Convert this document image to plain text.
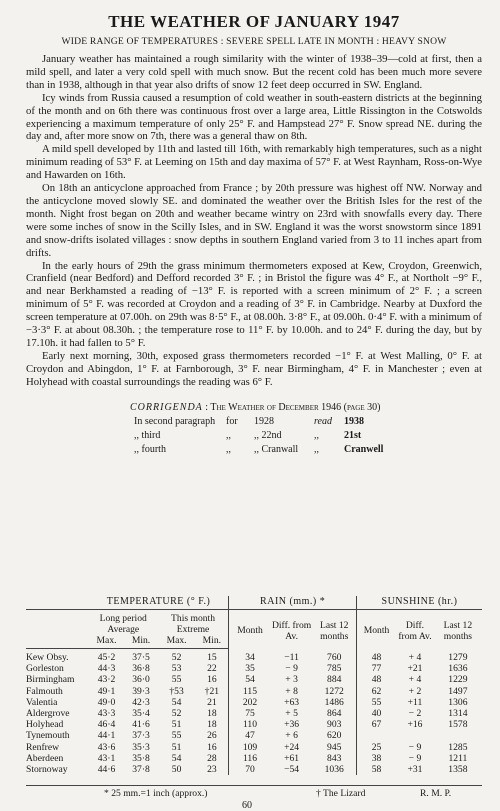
THE WEATHER OF JANUARY 1947
WIDE RANGE OF TEMPERATURES : SEVERE SPELL LATE IN MONTH : HEAVY SNOW

January weather has maintained a rough similarity with the winter of 1938–39—cold at first, then a mild spell, and later a very cold spell with much snow. But the recent cold has been much more severe than in 1938, although in that year also drifts of snow 12 feet deep occurred in SW. England.

Icy winds from Russia caused a resumption of cold weather in south-eastern districts at the beginning of the month and on 6th there was continuous frost over a large area, Little Rissington in the Cotswolds experiencing a maximum temperature of only 25° F. and Hampstead 27° F. Snow spread NE. during the day and, after more snow on 7th, there was a general thaw on 8th.

A mild spell developed by 11th and lasted till 16th, with remarkably high temperatures, such as a night minimum reading of 53° F. at Leeming on 15th and day maxima of 57° F. at West Raynham, Ross-on-Wye and Hawarden on 16th.

On 18th an anticyclone approached from France ; by 20th pressure was highest off NW. Norway and the anticyclone moved slowly SE. and dominated the weather over the British Isles for the rest of the month. Night frost began on 20th and weather became wintry on 23rd with snowfalls every day. There were some inches of snow in the Scilly Isles, and in SW. England it was the worst snowstorm since 1891 and snow-drifts isolated villages : snow depths in southern England varied from 3 to 11 inches apart from drifts.

In the early hours of 29th the grass minimum thermometers exposed at Kew, Croydon, Greenwich, Cranfield (near Bedford) and Defford recorded 3° F. ; in Bristol the figure was 4° F., at Northolt −9° F., and near Berkhamsted a reading of −13° F. is reported with a screen minimum of 2° F. ; a screen minimum of 5° F. was recorded at Croydon and a reading of 3° F. in Cambridge. Nearby at Duxford the screen temperature at 07.00h. on 29th was 8·5° F., at 08.00h. 3·8° F., at 09.00h. 0·4° F. with a minimum of −3·3° F. at about 08.30h. ; the temperature rose to 11° F. by 10.00h. and to 24° F. during the day, but by 17.10h. it had fallen to 5° F.

Early next morning, 30th, exposed grass thermometers recorded −1° F. at West Malling, 0° F. at Croydon and Abingdon, 1° F. at Farnborough, 3° F. near Birmingham, 4° F. in Manchester ; even at Holyhead with coastal surroundings the reading was 6° F.

CORRIGENDA : The Weather of December 1946 (page 30)
In second paragraph	for	1928	read	1938
,, third	,,	,, 22nd	,,	21st
,, fourth	,,	,, Cranwall	,,	Cranwell
	TEMPERATURE (° F.)				RAIN (mm.) *			SUNSHINE (hr.)		
	Long period Average		This month Extreme		Month	Diff. from Av.	Last 12 months	Month	Diff. from Av.	Last 12 months
	Max.	Min.	Max.	Min.						
Kew Obsy.	45·2	37·5	52	15	34	−11	760	48	+ 4	1279
Gorleston	44·3	36·8	53	22	35	− 9	785	77	+21	1636
Birmingham	43·2	36·0	55	16	54	+ 3	884	48	+ 4	1229
Falmouth	49·1	39·3	†53	†21	115	+ 8	1272	62	+ 2	1497
Valentia	49·0	42·3	54	21	202	+63	1486	55	+11	1306
Aldergrove	43·3	35·4	52	18	75	+ 5	864	40	− 2	1314
Holyhead	46·4	41·6	51	18	110	+36	903	67	+16	1578
Tynemouth	44·1	37·3	55	26	47	+ 6	620			
Renfrew	43·6	35·3	51	16	109	+24	945	25	− 9	1285
Aberdeen	43·1	35·8	54	28	116	+61	843	38	− 9	1211
Stornoway	44·6	37·8	50	23	70	−54	1036	58	+31	1358
* 25 mm.=1 inch (approx.)	† The Lizard	R. M. P.
60
